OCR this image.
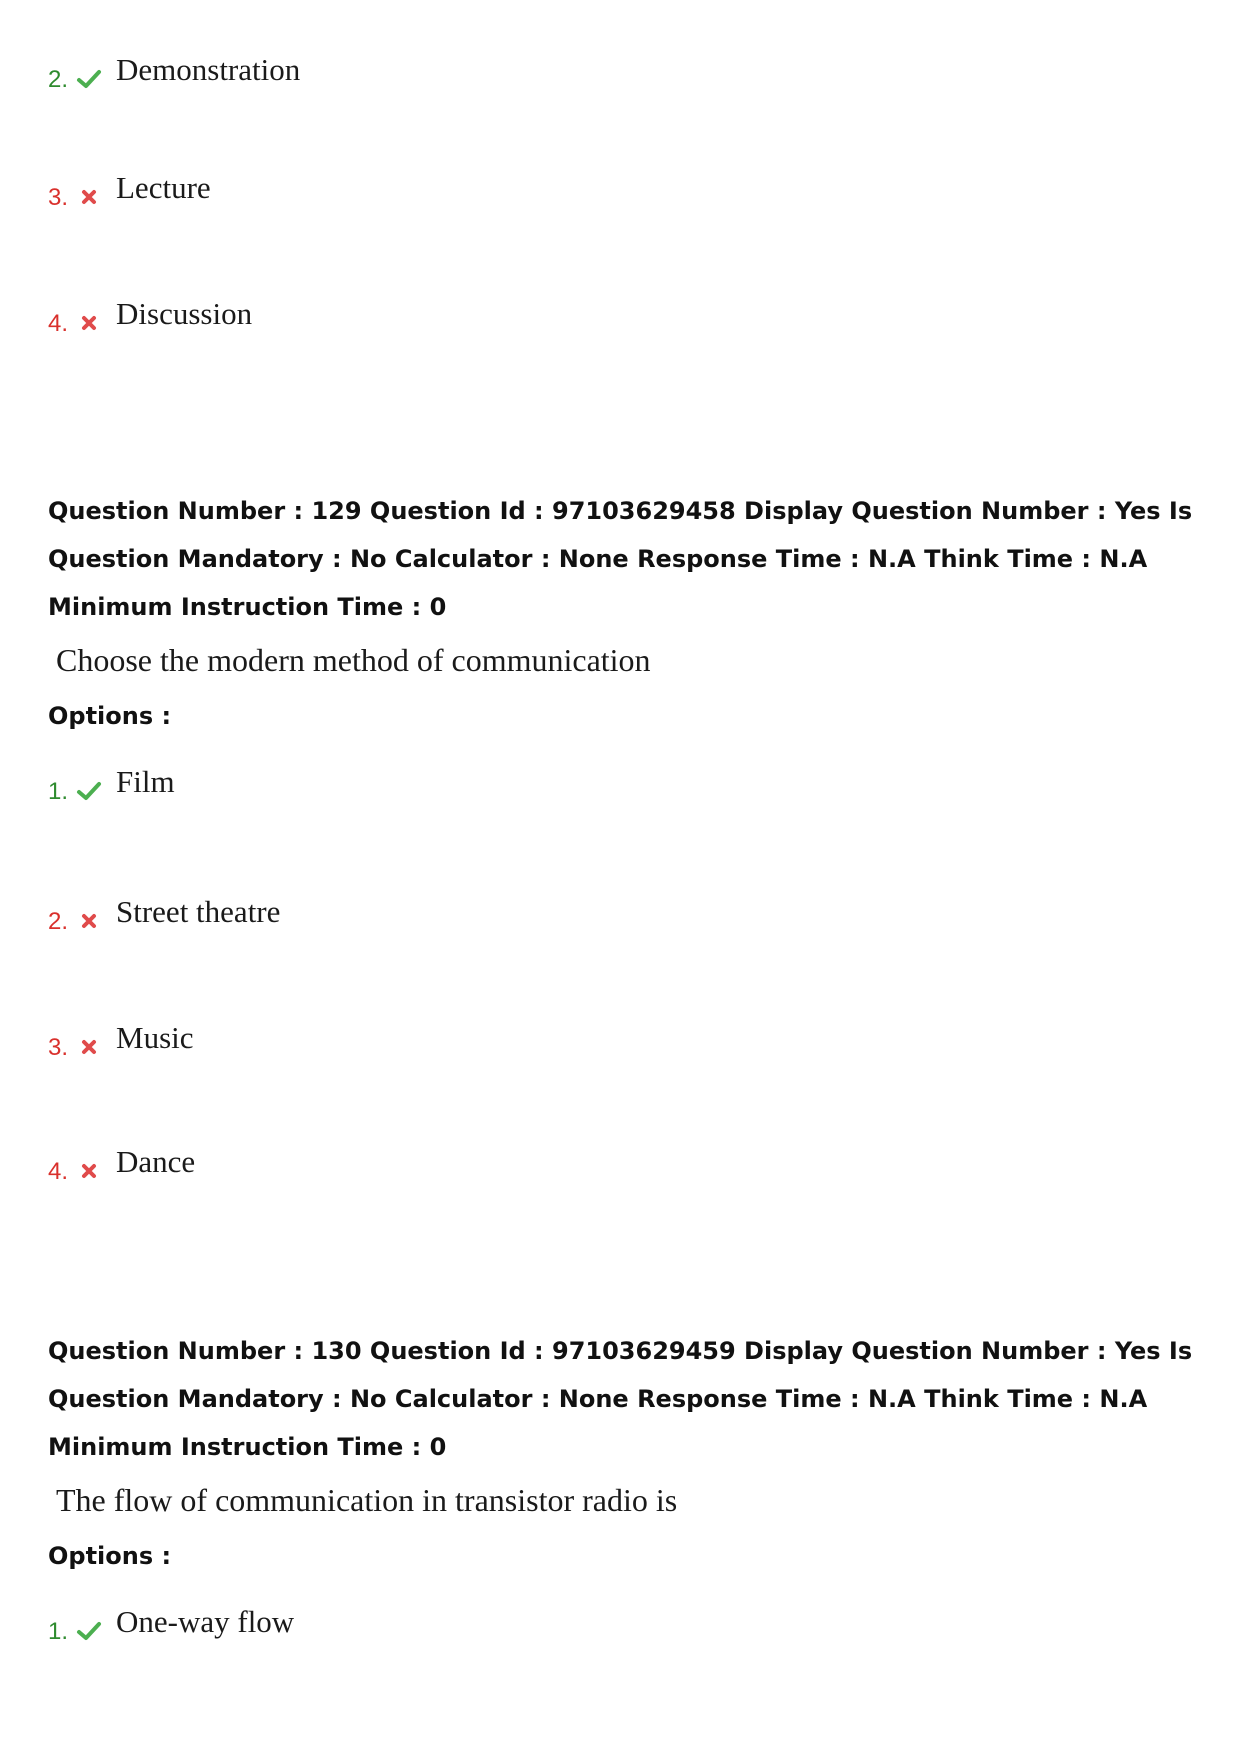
2. Demonstration
3. Lecture
4. Discussion
Question Number : 129 Question Id : 97103629458 Display Question Number : Yes Is Question Mandatory : No Calculator : None Response Time : N.A Think Time : N.A Minimum Instruction Time : 0
Choose the modern method of communication
Options :
1. Film
2. Street theatre
3. Music
4. Dance
Question Number : 130 Question Id : 97103629459 Display Question Number : Yes Is Question Mandatory : No Calculator : None Response Time : N.A Think Time : N.A Minimum Instruction Time : 0
The flow of communication in transistor radio is
Options :
1. One-way flow
